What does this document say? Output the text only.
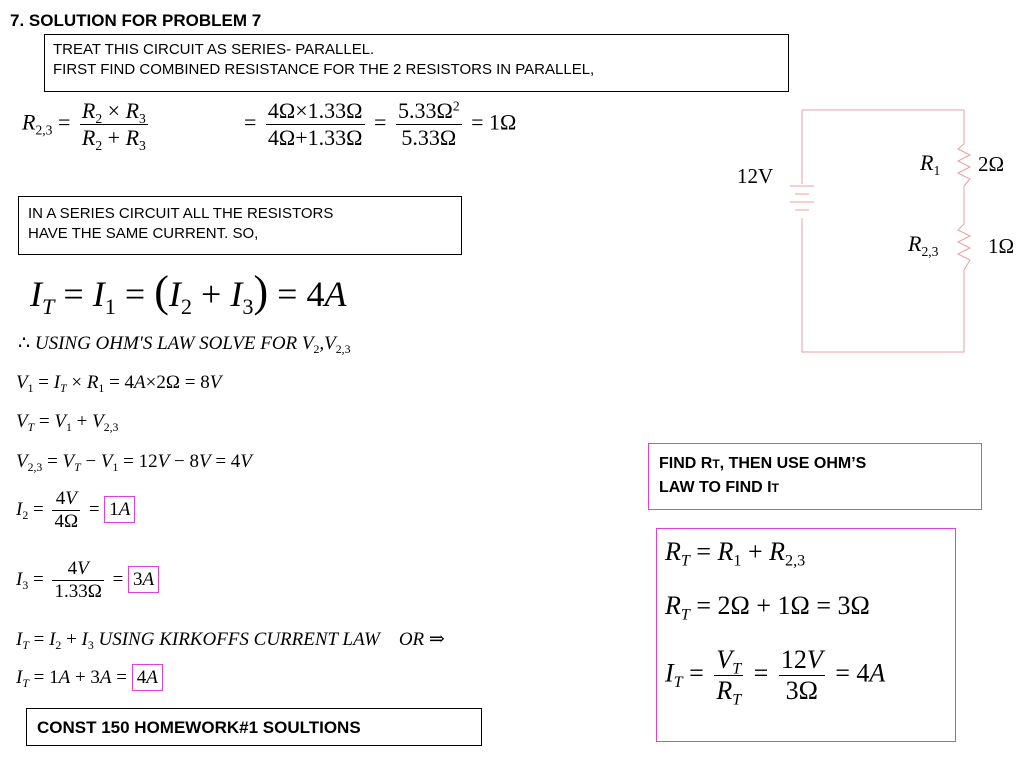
7. SOLUTION FOR PROBLEM 7
TREAT THIS CIRCUIT AS SERIES- PARALLEL.
FIRST FIND COMBINED RESISTANCE FOR THE 2 RESISTORS IN PARALLEL,
$R_{2,3} = \frac{R_2 \times R_3}{R_2 + R_3}$	= $\frac{4\Omega\times 1.33\Omega}{4\Omega+1.33\Omega} = \frac{5.33\Omega^2}{5.33\Omega} = 1\Omega$
IN A SERIES CIRCUIT ALL THE RESISTORS
HAVE THE SAME CURRENT. SO,
$I_T = I_1 = (I_2 + I_3) = 4A$
∴ USING OHM'S LAW SOLVE FOR $V_2,V_{2,3}$
$V_1 = I_T \times R_1 = 4A\times 2\Omega = 8V$
$V_T = V_1 + V_{2,3}$
$V_{2,3} = V_T - V_1 = 12V - 8V = 4V$
$I_2 = \frac{4V}{4\Omega} = 1A$
$I_3 = \frac{4V}{1.33\Omega} = 3A$
$I_T = I_2 + I_3$ USING KIRKOFFS CURRENT LAW OR ⇒
$I_T = 1A + 3A = 4A$
CONST 150 HOMEWORK#1 SOULTIONS
12V
$R_1$ 2Ω
$R_{2,3}$ 1Ω
FIND RT, THEN USE OHM’S
LAW TO FIND IT
$R_T = R_1 + R_{2,3}$
$R_T = 2\Omega + 1\Omega = 3\Omega$
$I_T = \frac{V_T}{R_T} = \frac{12V}{3\Omega} = 4A$
